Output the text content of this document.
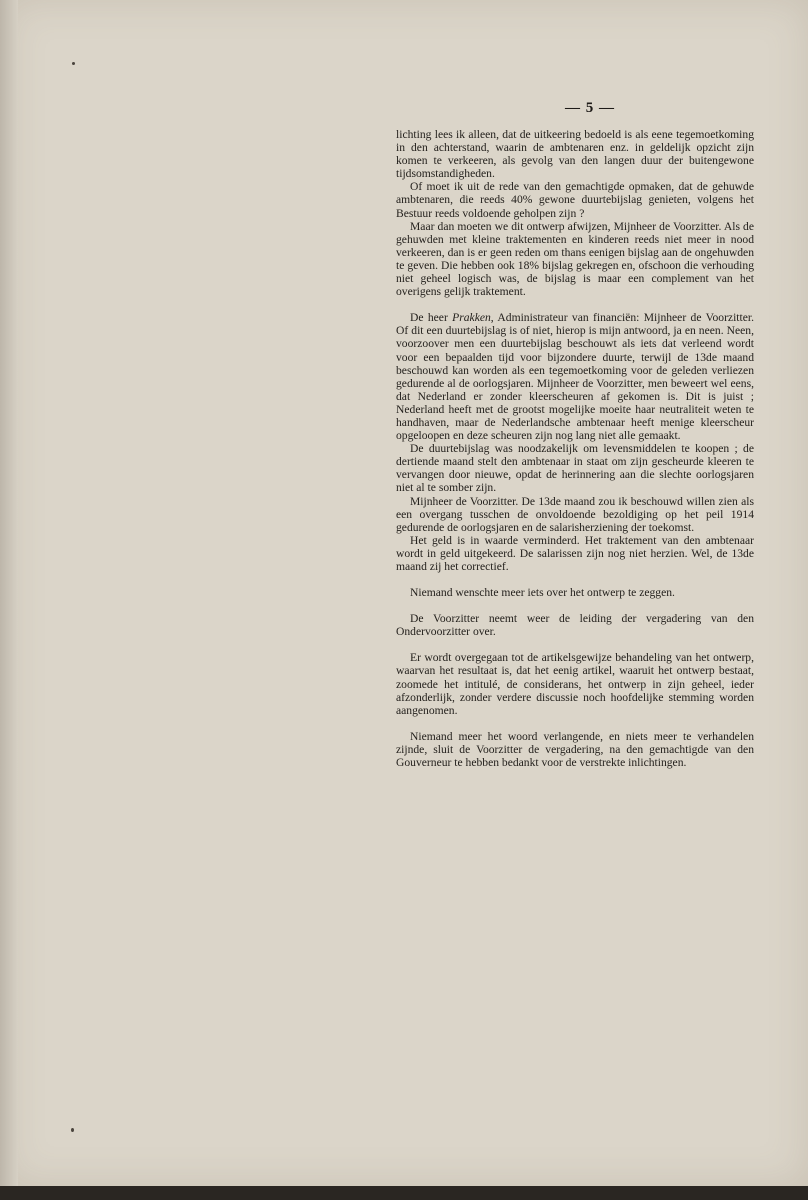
— 5 —

lichting lees ik alleen, dat de uitkeering bedoeld is als eene tegemoetkoming in den achterstand, waarin de ambtenaren enz. in geldelijk opzicht zijn komen te verkeeren, als gevolg van den langen duur der buitengewone tijdsomstandigheden.

Of moet ik uit de rede van den gemachtigde opmaken, dat de gehuwde ambtenaren, die reeds 40% gewone duurtebijslag genieten, volgens het Bestuur reeds voldoende geholpen zijn ?

Maar dan moeten we dit ontwerp afwijzen, Mijnheer de Voorzitter. Als de gehuwden met kleine traktementen en kinderen reeds niet meer in nood verkeeren, dan is er geen reden om thans eenigen bijslag aan de ongehuwden te geven. Die hebben ook 18% bijslag gekregen en, ofschoon die verhouding niet geheel logisch was, de bijslag is maar een complement van het overigens gelijk traktement.

De heer Prakken, Administrateur van financiën: Mijnheer de Voorzitter. Of dit een duurtebijslag is of niet, hierop is mijn antwoord, ja en neen. Neen, voorzoover men een duurtebijslag beschouwt als iets dat verleend wordt voor een bepaalden tijd voor bijzondere duurte, terwijl de 13de maand beschouwd kan worden als een tegemoetkoming voor de geleden verliezen gedurende al de oorlogsjaren. Mijnheer de Voorzitter, men beweert wel eens, dat Nederland er zonder kleerscheuren af gekomen is. Dit is juist ; Nederland heeft met de grootst mogelijke moeite haar neutraliteit weten te handhaven, maar de Nederlandsche ambtenaar heeft menige kleerscheur opgeloopen en deze scheuren zijn nog lang niet alle gemaakt.

De duurtebijslag was noodzakelijk om levensmiddelen te koopen ; de dertiende maand stelt den ambtenaar in staat om zijn gescheurde kleeren te vervangen door nieuwe, opdat de herinnering aan die slechte oorlogsjaren niet al te somber zijn.

Mijnheer de Voorzitter. De 13de maand zou ik beschouwd willen zien als een overgang tusschen de onvoldoende bezoldiging op het peil 1914 gedurende de oorlogsjaren en de salarisherziening der toekomst.

Het geld is in waarde verminderd. Het traktement van den ambtenaar wordt in geld uitgekeerd. De salarissen zijn nog niet herzien. Wel, de 13de maand zij het correctief.

Niemand wenschte meer iets over het ontwerp te zeggen.

De Voorzitter neemt weer de leiding der vergadering van den Ondervoorzitter over.

Er wordt overgegaan tot de artikelsgewijze behandeling van het ontwerp, waarvan het resultaat is, dat het eenig artikel, waaruit het ontwerp bestaat, zoomede het intitulé, de considerans, het ontwerp in zijn geheel, ieder afzonderlijk, zonder verdere discussie noch hoofdelijke stemming worden aangenomen.

Niemand meer het woord verlangende, en niets meer te verhandelen zijnde, sluit de Voorzitter de vergadering, na den gemachtigde van den Gouverneur te hebben bedankt voor de verstrekte inlichtingen.
